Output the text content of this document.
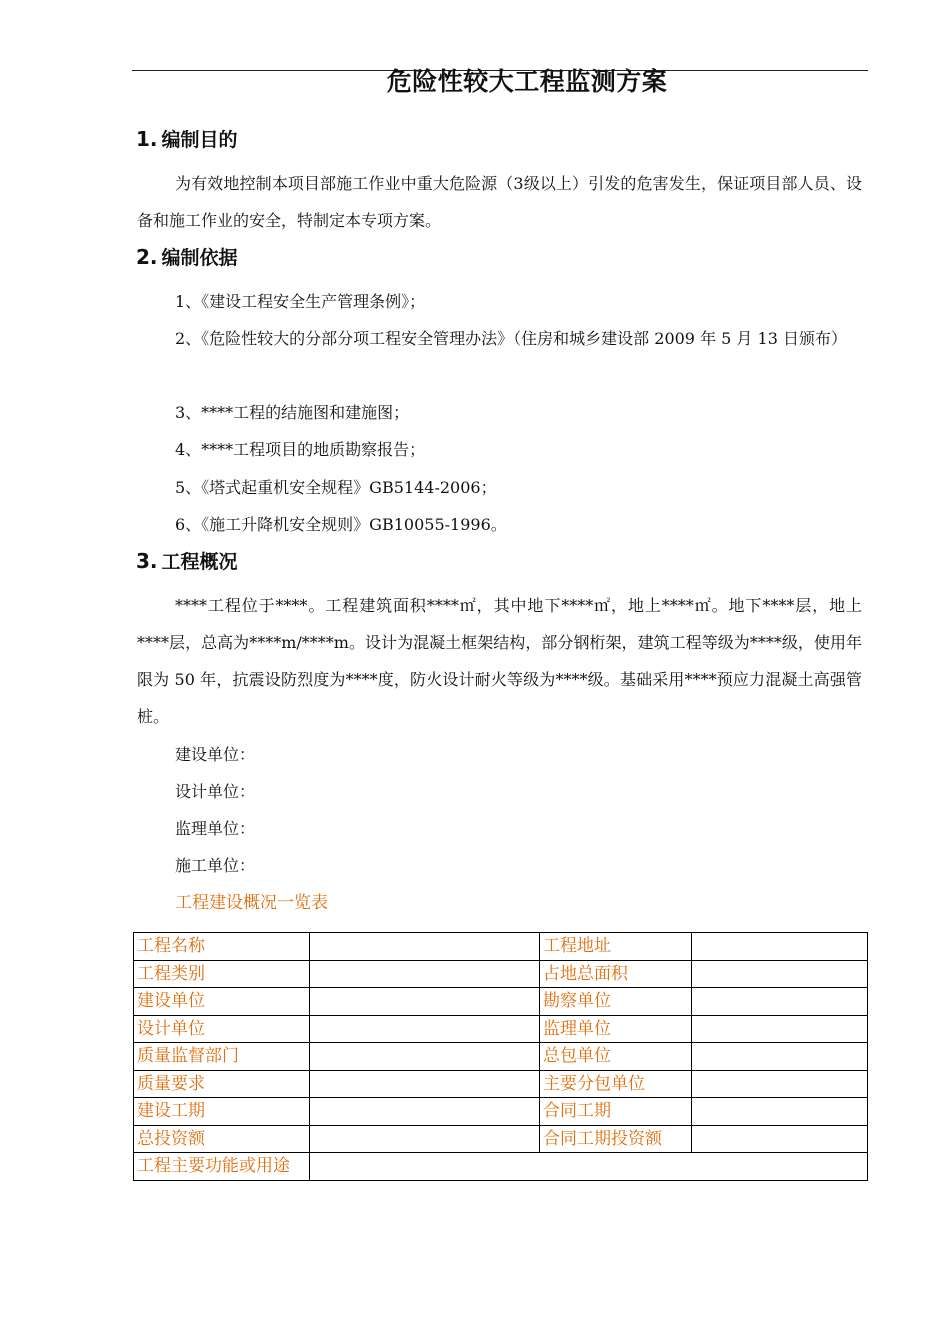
危险性较大工程监测方案
1. 编制目的
为有效地控制本项目部施工作业中重大危险源（3级以上）引发的危害发生，保证项目部人员、设备和施工作业的安全，特制定本专项方案。
2. 编制依据
1、《建设工程安全生产管理条例》；
2、《危险性较大的分部分项工程安全管理办法》（住房和城乡建设部 2009 年 5 月 13 日颁布）
3、****工程的结施图和建施图；
4、****工程项目的地质勘察报告；
5、《塔式起重机安全规程》GB5144-2006；
6、《施工升降机安全规则》GB10055-1996。
3. 工程概况
****工程位于****。工程建筑面积****㎡，其中地下****㎡，地上****㎡。地下****层，地上****层，总高为****m/****m。设计为混凝土框架结构，部分钢桁架，建筑工程等级为****级，使用年限为 50 年，抗震设防烈度为****度，防火设计耐火等级为****级。基础采用****预应力混凝土高强管桩。
建设单位：
设计单位：
监理单位：
施工单位：
工程建设概况一览表
工程名称		工程地址	
工程类别		占地总面积	
建设单位		勘察单位	
设计单位		监理单位	
质量监督部门		总包单位	
质量要求		主要分包单位	
建设工期		合同工期	
总投资额		合同工期投资额	
工程主要功能或用途			
